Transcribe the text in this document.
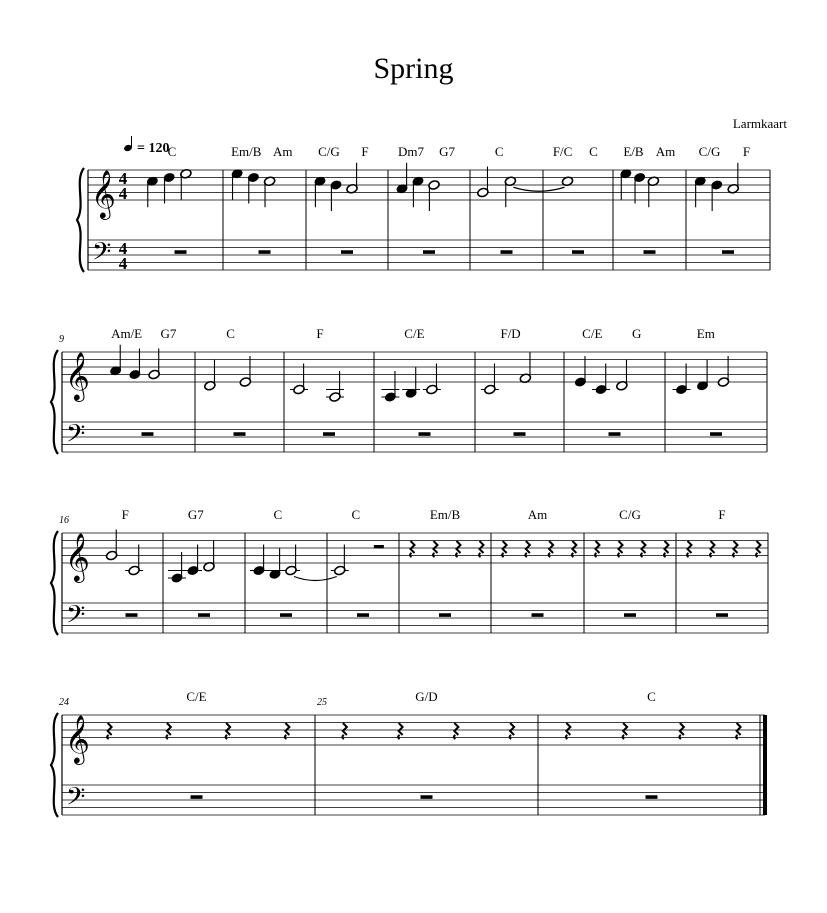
Spring
Larmkaart
𝄞
𝄢
4
4
4
4
= 120
C	Em/B Am C/G F Dm7 G7	C	F/C C E/B Am C/G F
𝄞
𝄢
9	Am/E G7	C	F	C/E	F/D	C/E G	Em
𝄞
𝄢
16	F	G7	C	C	Em/B	Am	C/G	F
𝄞
𝄢
24	C/E	25	G/D	C
